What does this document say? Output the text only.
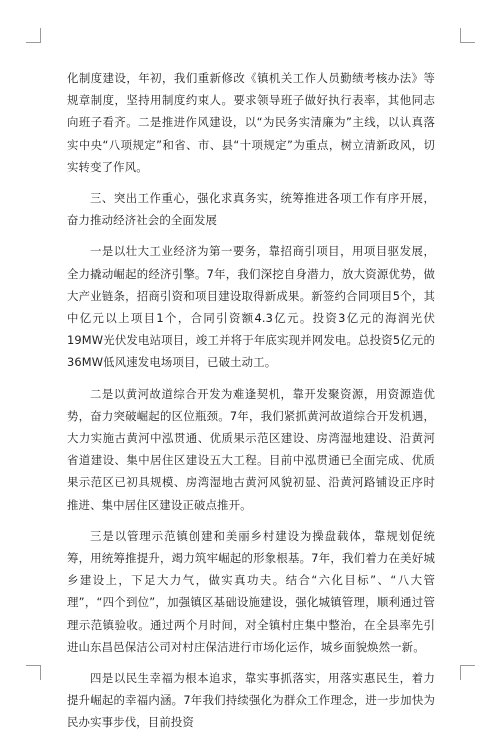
化制度建设，年初，我们重新修改《镇机关工作人员勤绩考核办法》等规章制度，坚持用制度约束人。要求领导班子做好执行表率，其他同志向班子看齐。二是推进作风建设，以“为民务实清廉为”主线，以认真落实中央“八项规定”和省、市、县“十项规定”为重点，树立清新政风，切实转变了作风。

三、突出工作重心，强化求真务实，统筹推进各项工作有序开展，奋力推动经济社会的全面发展

一是以壮大工业经济为第一要务，靠招商引项目，用项目驱发展，全力撬动崛起的经济引擎。7年，我们深挖自身潜力，放大资源优势，做大产业链条，招商引资和项目建设取得新成果。新签约合同项目5个，其中亿元以上项目1个，合同引资额4.3亿元。投资3亿元的海润光伏19MW光伏发电站项目，竣工并将于年底实现并网发电。总投资5亿元的36MW低风速发电场项目，已破土动工。

二是以黄河故道综合开发为难逢契机，靠开发聚资源，用资源造优势，奋力突破崛起的区位瓶颈。7年，我们紧抓黄河故道综合开发机遇，大力实施古黄河中泓贯通、优质果示范区建设、房湾湿地建设、沿黄河省道建设、集中居住区建设五大工程。目前中泓贯通已全面完成、优质果示范区已初具规模、房湾湿地古黄河风貌初显、沿黄河路铺设正序时推进、集中居住区建设正破点推开。

三是以管理示范镇创建和美丽乡村建设为操盘载体，靠规划促统筹，用统筹推提升，竭力筑牢崛起的形象根基。7年，我们着力在美好城乡建设上，下足大力气，做实真功夫。结合“六化目标”、“八大管理”，“四个到位”，加强镇区基础设施建设，强化城镇管理，顺利通过管理示范镇验收。通过两个月时间，对全镇村庄集中整治，在全县率先引进山东昌邑保洁公司对村庄保洁进行市场化运作，城乡面貌焕然一新。

四是以民生幸福为根本追求，靠实事抓落实，用落实惠民生，着力提升崛起的幸福内涵。7年我们持续强化为群众工作理念，进一步加快为民办实事步伐，目前投资
